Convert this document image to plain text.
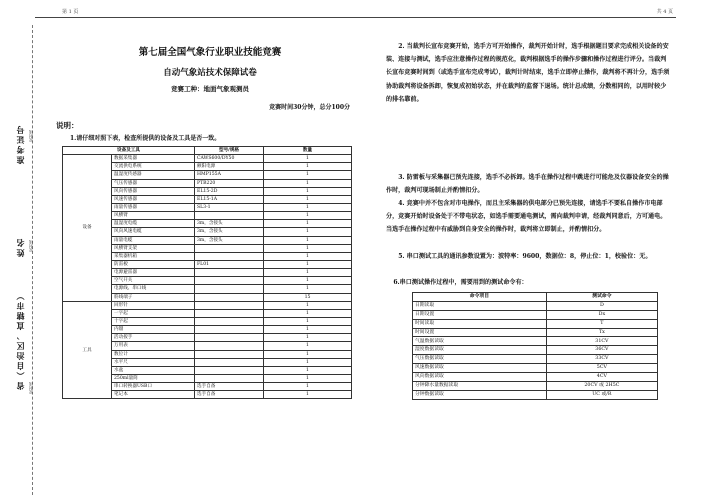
第 1 页	共 4 页
准考证号
姓名
省（自治区、直辖市）
密封线
密封线
密封线
第七届全国气象行业职业技能竞赛
自动气象站技术保障试卷
竞赛工种：地面气象观测员
竞赛时间30分钟，总分100分
说明：
1.请仔细对照下表，检查所提供的设备及工具是否一致。
设备及工具		型号/规格	数量
设备	数据采集器	CAWS600/DY50	1
	交流供电系统	额阳电源	1
	温湿度传感器	HMP155A	1
	气压传感器	PTB220	1
	风向传感器	EL15-2D	1
	风速传感器	EL15-1A	1
	雨量传感器	SL3-1	1
	风横臂		1
	温湿度电缆	3m，含接头	1
	风向风速电缆	3m，含接头	1
	雨量电缆	3m，含接头	1
	风横臂支架		1
	采集器机箱		1
	防雷板	FL01	1
	电源避雷器		1
	空气开关		1
	电源线、串口线		1
	筋线端子		15
工具	回形针		1
	一字起		1
	十字起		1
	内镊		1
	活动扳手		1
	万用表		1
	数位计		1
	水平尺		1
	水盆		1
	250ml量筒		1
	串口转换器USB口	选手自备	1
	笔记本	选手自备	1
2. 当裁判长宣布竞赛开始，选手方可开始操作，裁判开始计时，选手根据题目要求完成相关设备的安装、连接与测试，选手应注意操作过程的规范化，裁判根据选手的操作步骤和操作过程进行评分。当裁判长宣布竞赛时间到（或选手宣布完成考试），裁判计时结束，选手立即停止操作，裁判将不再计分，选手须协助裁判将设备拆卸，恢复成初始状态，并在裁判的监督下退场。统计总成绩，分数相同的，以用时较少的排名靠前。
3. 防雷板与采集器已预先连接，选手不必拆卸。选手在操作过程中跳进行可能危及仪器设备安全的操作时，裁判可现场制止并酌情扣分。
4. 竞赛中并不包含对市电操作，而且主采集器的供电部分已预先连接，请选手不要私自操作市电部分，竞赛开始时设备处于不带电状态，如选手需要通电测试，需向裁判申请，经裁判同意后，方可通电。当选手在操作过程中有威胁到自身安全的操作时，裁判将立即制止，并酌情扣分。
5. 串口测试工具的通讯参数设置为：波特率：9600，数据位：8，停止位：1，校验位：无。
6.串口测试操作过程中，需要用到的测试命令有：
命令项目	测试命令
日期读取	D
日期设置	Dx
时间读取	T
时间设置	Tx
气温数据读取	31CV
湿度数据读取	36CV
气压数据读取	33CV
风速数据读取	5CV
风向数据读取	4CV
分钟降水量数据读取	20CV 或 2H5C
分钟数据读取	UC 或/R
